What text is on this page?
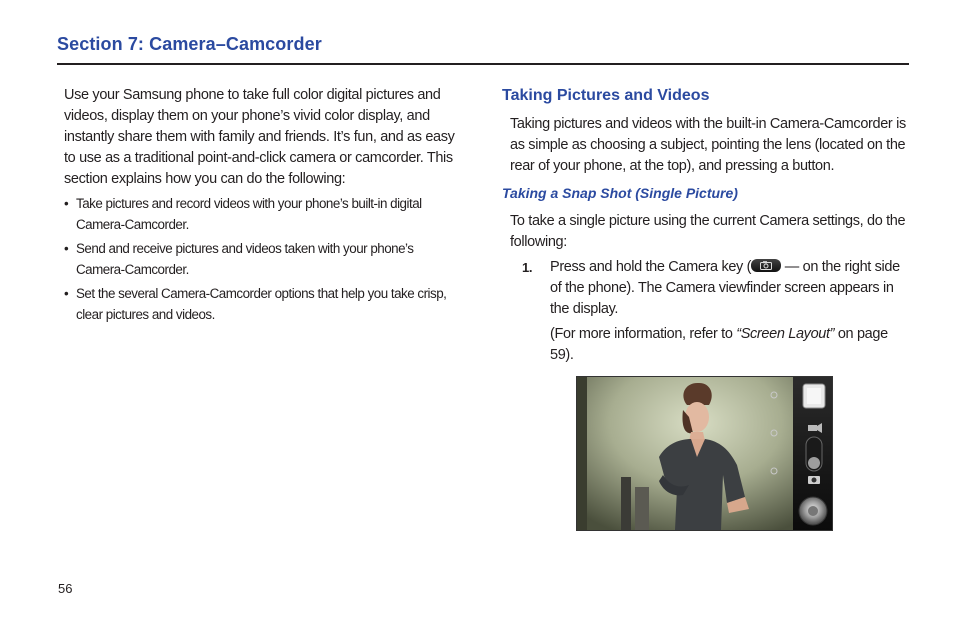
Section 7: Camera–Camcorder

Use your Samsung phone to take full color digital pictures and videos, display them on your phone’s vivid color display, and instantly share them with family and friends. It’s fun, and as easy to use as a traditional point-and-click camera or camcorder. This section explains how you can do the following:

• Take pictures and record videos with your phone’s built-in digital Camera-Camcorder.
• Send and receive pictures and videos taken with your phone’s Camera-Camcorder.
• Set the several Camera-Camcorder options that help you take crisp, clear pictures and videos.
Taking Pictures and Videos

Taking pictures and videos with the built-in Camera-Camcorder is as simple as choosing a subject, pointing the lens (located on the rear of your phone, at the top), and pressing a button.

Taking a Snap Shot (Single Picture)

To take a single picture using the current Camera settings, do the following:

1. Press and hold the Camera key (
— on the right side of the phone). The Camera viewfinder screen appears in the display.

(For more information, refer to “Screen Layout” on page 59).

56
